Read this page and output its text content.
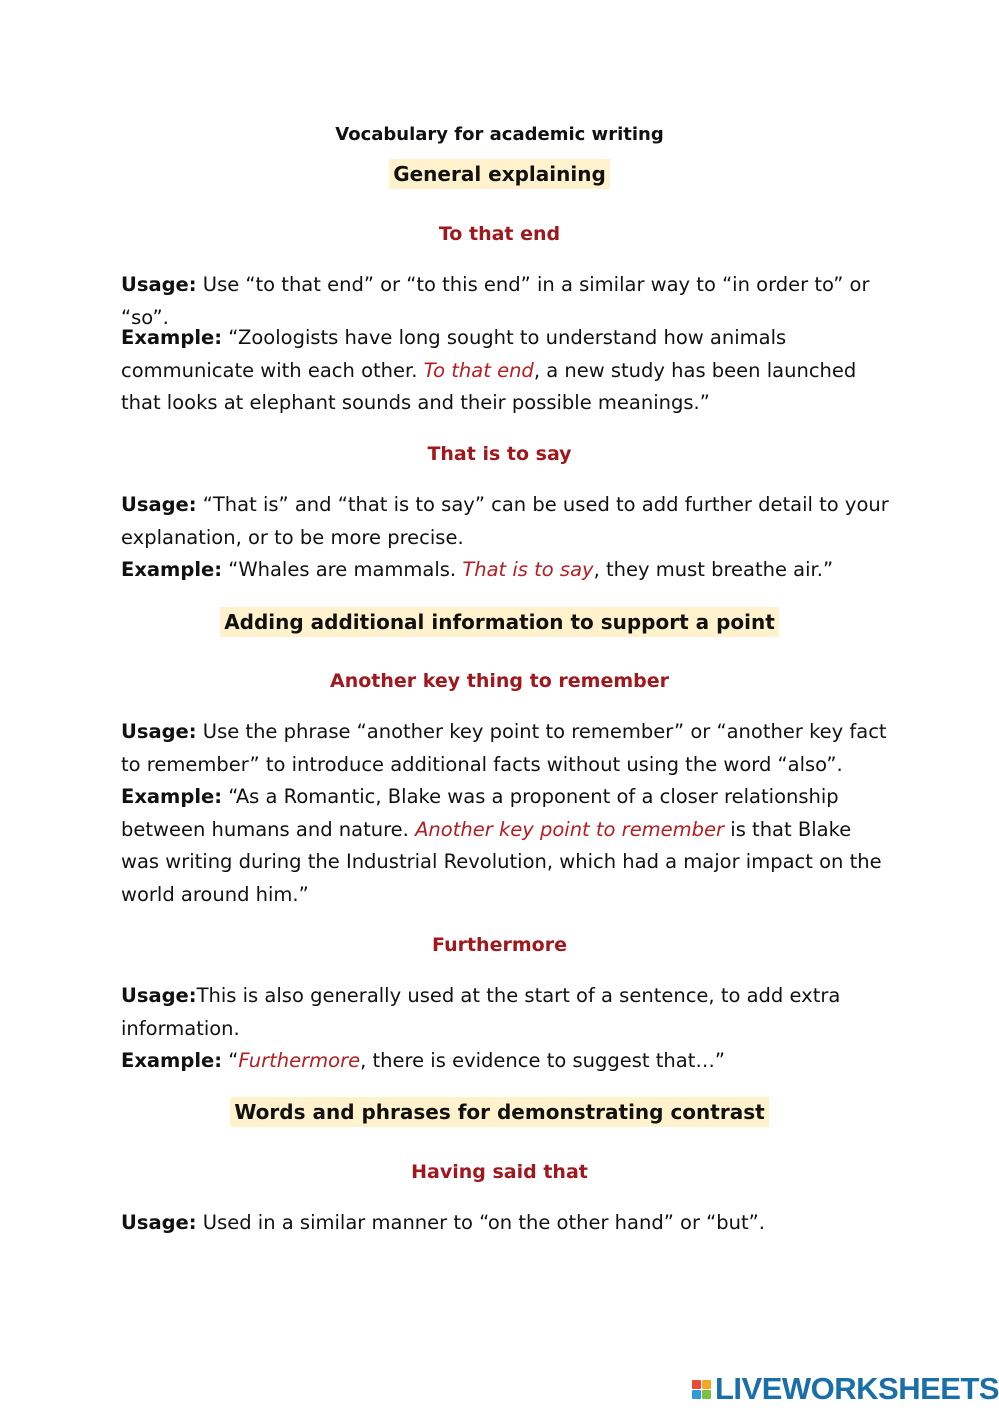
Vocabulary for academic writing
General explaining
To that end
Usage: Use “to that end” or “to this end” in a similar way to “in order to” or “so”.
Example: “Zoologists have long sought to understand how animals communicate with each other. To that end, a new study has been launched that looks at elephant sounds and their possible meanings.”
That is to say
Usage: “That is” and “that is to say” can be used to add further detail to your explanation, or to be more precise.
Example: “Whales are mammals. That is to say, they must breathe air.”
Adding additional information to support a point
Another key thing to remember
Usage: Use the phrase “another key point to remember” or “another key fact to remember” to introduce additional facts without using the word “also”.
Example: “As a Romantic, Blake was a proponent of a closer relationship between humans and nature. Another key point to remember is that Blake was writing during the Industrial Revolution, which had a major impact on the world around him.”
Furthermore
Usage:This is also generally used at the start of a sentence, to add extra information.
Example: “Furthermore, there is evidence to suggest that…”
Words and phrases for demonstrating contrast
Having said that
Usage: Used in a similar manner to “on the other hand” or “but”.
LIVEWORKSHEETS
